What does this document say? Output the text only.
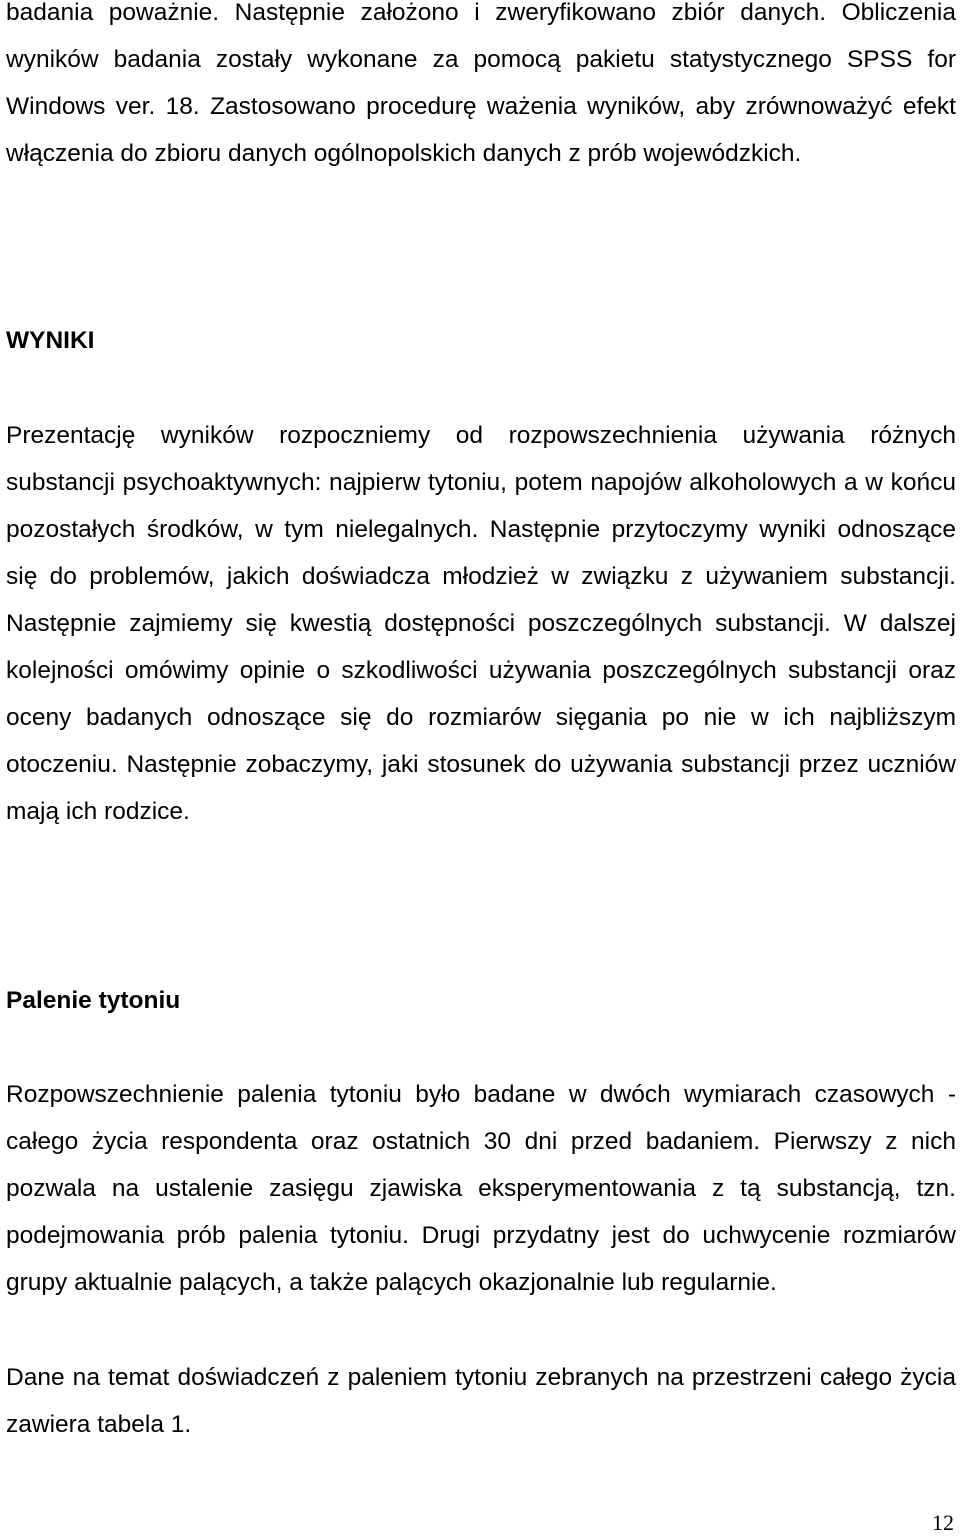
badania poważnie. Następnie założono i zweryfikowano zbiór danych. Obliczenia wyników badania zostały wykonane za pomocą pakietu statystycznego SPSS for Windows ver. 18. Zastosowano procedurę ważenia wyników, aby zrównoważyć efekt włączenia do zbioru danych ogólnopolskich danych z prób wojewódzkich.

WYNIKI

Prezentację wyników rozpoczniemy od rozpowszechnienia używania różnych substancji psychoaktywnych: najpierw tytoniu, potem napojów alkoholowych a w końcu pozostałych środków, w tym nielegalnych. Następnie przytoczymy wyniki odnoszące się do problemów, jakich doświadcza młodzież w związku z używaniem substancji. Następnie zajmiemy się kwestią dostępności poszczególnych substancji. W dalszej kolejności omówimy opinie o szkodliwości używania poszczególnych substancji oraz oceny badanych odnoszące się do rozmiarów sięgania po nie w ich najbliższym otoczeniu. Następnie zobaczymy, jaki stosunek do używania substancji przez uczniów mają ich rodzice.

Palenie tytoniu

Rozpowszechnienie palenia tytoniu było badane w dwóch wymiarach czasowych - całego życia respondenta oraz ostatnich 30 dni przed badaniem. Pierwszy z nich pozwala na ustalenie zasięgu zjawiska eksperymentowania z tą substancją, tzn. podejmowania prób palenia tytoniu. Drugi przydatny jest do uchwycenie rozmiarów grupy aktualnie palących, a także palących okazjonalnie lub regularnie.

Dane na temat doświadczeń z paleniem tytoniu zebranych na przestrzeni całego życia zawiera tabela 1.

12
